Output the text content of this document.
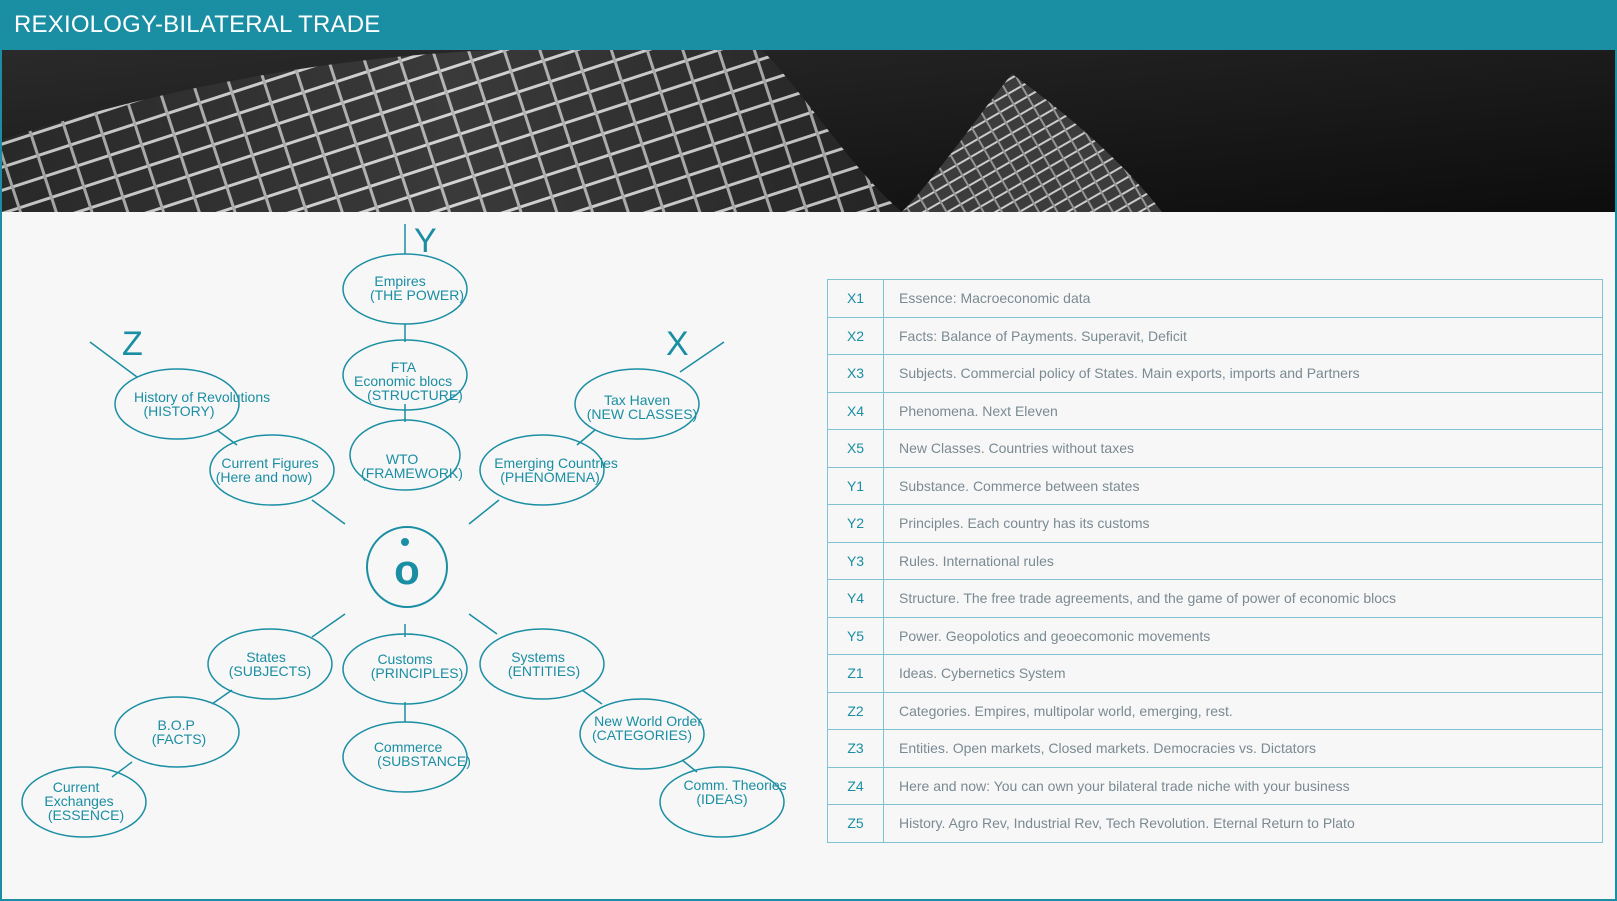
REXIOLOGY-BILATERAL TRADE
o
Y
Z	X
Empires (THE POWER)
FTA Economic blocs (STRUCTURE)
WTO (FRAMEWORK)
History of Revolutions (HISTORY)
Current Figures (Here and now)
Tax Haven (NEW CLASSES)
Emerging Countries (PHENOMENA)
States (SUBJECTS)
B.O.P (FACTS)
Current Exchanges (ESSENCE)
Customs (PRINCIPLES)
Commerce (SUBSTANCE)
Systems (ENTITIES)
New World Order (CATEGORIES)
Comm. Theories (IDEAS)
X1	Essence: Macroeconomic data
X2	Facts: Balance of Payments. Superavit, Deficit
X3	Subjects. Commercial policy of States. Main exports, imports and Partners
X4	Phenomena. Next Eleven
X5	New Classes. Countries without taxes
Y1	Substance. Commerce between states
Y2	Principles. Each country has its customs
Y3	Rules. International rules
Y4	Structure. The free trade agreements, and the game of power of economic blocs
Y5	Power. Geopolotics and geoecomonic movements
Z1	Ideas. Cybernetics System
Z2	Categories. Empires, multipolar world, emerging, rest.
Z3	Entities. Open markets, Closed markets. Democracies vs. Dictators
Z4	Here and now: You can own your bilateral trade niche with your business
Z5	History. Agro Rev, Industrial Rev, Tech Revolution. Eternal Return to Plato
